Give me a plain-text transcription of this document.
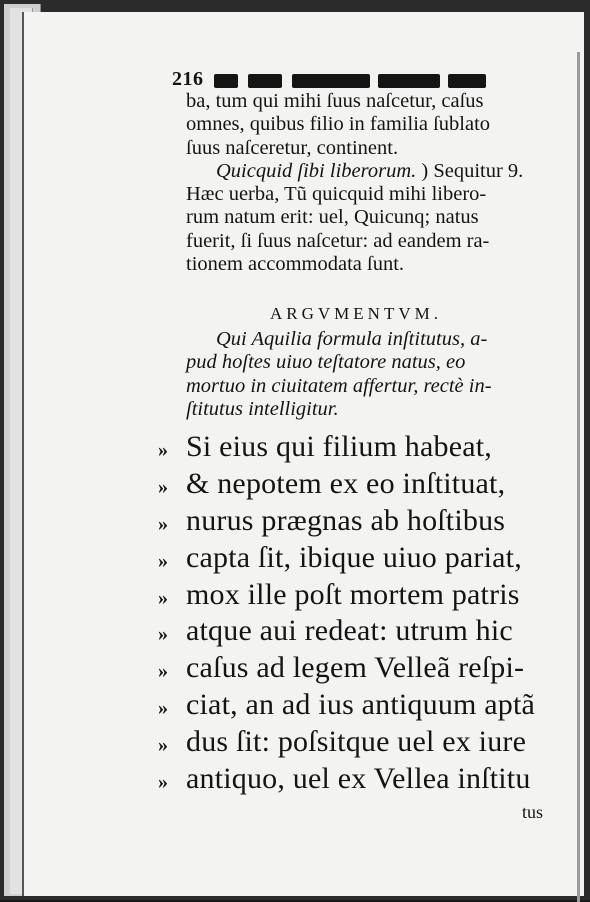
216
ba, tum qui mihi ſuus naſcetur, caſus
omnes, quibus filio in familia ſublato
ſuus naſceretur, continent.
Quicquid ſibi liberorum. ) Sequitur 9.
Hæc uerba, Tũ quicquid mihi libero-
rum natum erit: uel, Quicunq; natus
fuerit, ſi ſuus naſcetur: ad eandem ra-
tionem accommodata ſunt.
ARGVMENTVM.
Qui Aquilia formula inſtitutus, a-
pud hoſtes uiuo teſtatore natus, eo
mortuo in ciuitatem affertur, rectè in-
ſtitutus intelligitur.
» Si eius qui filium habeat,
» & nepotem ex eo inſtituat,
» nurus prægnas ab hoſtibus
» capta ſit, ibique uiuo pariat,
» mox ille poſt mortem patris
» atque aui redeat: utrum hic
» caſus ad legem Velleã reſpi-
» ciat, an ad ius antiquum aptã
» dus ſit: poſsitque uel ex iure
» antiquo, uel ex Vellea inſtitu
tus
